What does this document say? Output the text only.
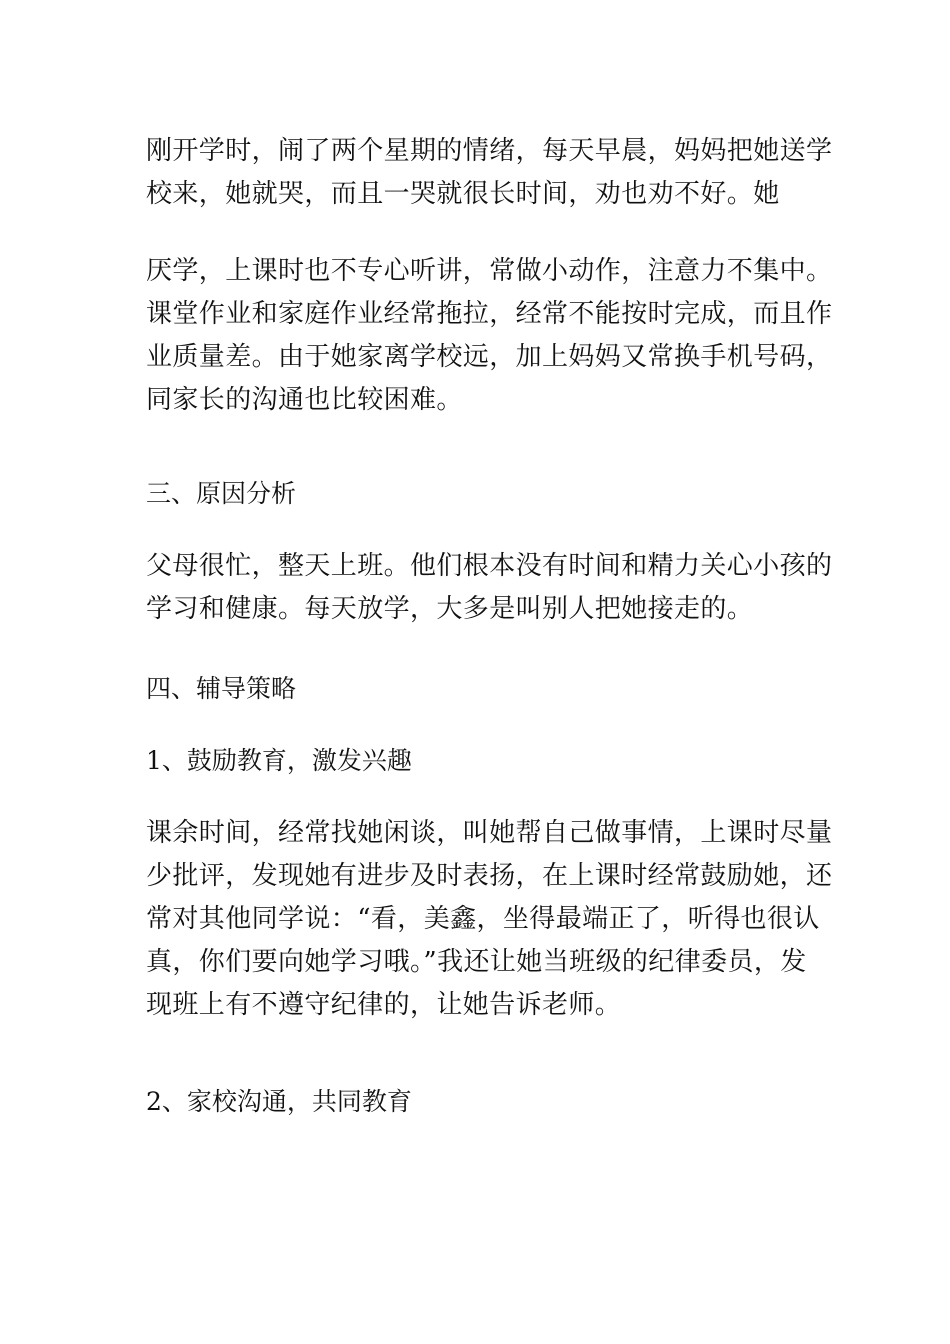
刚开学时，闹了两个星期的情绪，每天早晨，妈妈把她送学
校来，她就哭，而且一哭就很长时间，劝也劝不好。她

厌学，上课时也不专心听讲，常做小动作，注意力不集中。
课堂作业和家庭作业经常拖拉，经常不能按时完成，而且作
业质量差。由于她家离学校远，加上妈妈又常换手机号码，
同家长的沟通也比较困难。

三、原因分析

父母很忙，整天上班。他们根本没有时间和精力关心小孩的
学习和健康。每天放学，大多是叫别人把她接走的。

四、辅导策略

1、鼓励教育，激发兴趣

课余时间，经常找她闲谈，叫她帮自己做事情，上课时尽量
少批评，发现她有进步及时表扬，在上课时经常鼓励她，还
常对其他同学说：“看，美鑫，坐得最端正了，听得也很认
真，你们要向她学习哦。”我还让她当班级的纪律委员，发
现班上有不遵守纪律的，让她告诉老师。

2、家校沟通，共同教育
